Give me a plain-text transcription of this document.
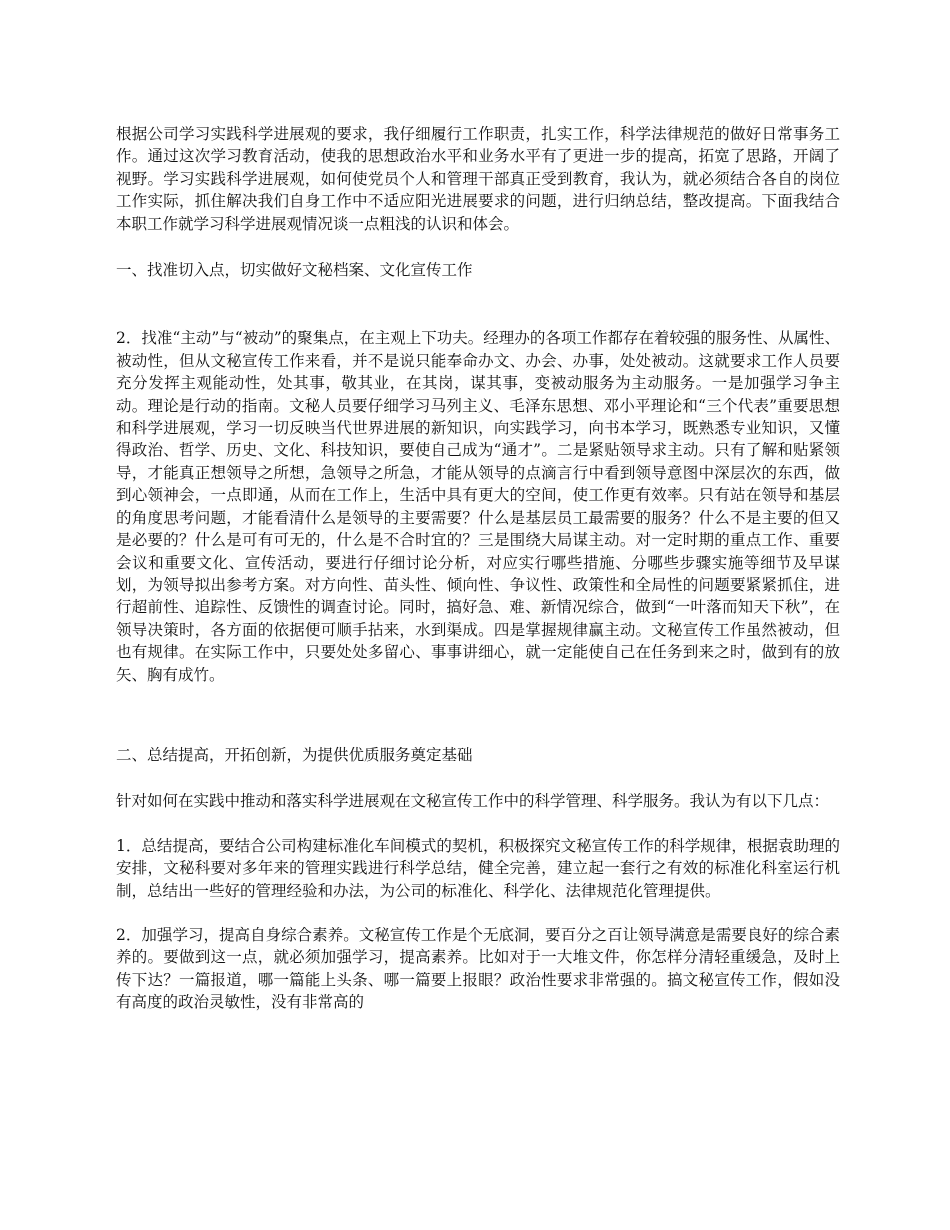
根据公司学习实践科学进展观的要求，我仔细履行工作职责，扎实工作，科学法律规范的做好日常事务工作。通过这次学习教育活动，使我的思想政治水平和业务水平有了更进一步的提高，拓宽了思路，开阔了视野。学习实践科学进展观，如何使党员个人和管理干部真正受到教育，我认为，就必须结合各自的岗位工作实际，抓住解决我们自身工作中不适应阳光进展要求的问题，进行归纳总结，整改提高。下面我结合本职工作就学习科学进展观情况谈一点粗浅的认识和体会。

一、找准切入点，切实做好文秘档案、文化宣传工作

2．找准“主动”与“被动”的聚集点，在主观上下功夫。经理办的各项工作都存在着较强的服务性、从属性、被动性，但从文秘宣传工作来看，并不是说只能奉命办文、办会、办事，处处被动。这就要求工作人员要充分发挥主观能动性，处其事，敬其业，在其岗，谋其事，变被动服务为主动服务。一是加强学习争主动。理论是行动的指南。文秘人员要仔细学习马列主义、毛泽东思想、邓小平理论和“三个代表”重要思想和科学进展观，学习一切反映当代世界进展的新知识，向实践学习，向书本学习，既熟悉专业知识，又懂得政治、哲学、历史、文化、科技知识，要使自己成为“通才”。二是紧贴领导求主动。只有了解和贴紧领导，才能真正想领导之所想，急领导之所急，才能从领导的点滴言行中看到领导意图中深层次的东西，做到心领神会，一点即通，从而在工作上，生活中具有更大的空间，使工作更有效率。只有站在领导和基层的角度思考问题，才能看清什么是领导的主要需要？什么是基层员工最需要的服务？什么不是主要的但又是必要的？什么是可有可无的，什么是不合时宜的？三是围绕大局谋主动。对一定时期的重点工作、重要会议和重要文化、宣传活动，要进行仔细讨论分析，对应实行哪些措施、分哪些步骤实施等细节及早谋划，为领导拟出参考方案。对方向性、苗头性、倾向性、争议性、政策性和全局性的问题要紧紧抓住，进行超前性、追踪性、反馈性的调查讨论。同时，搞好急、难、新情况综合，做到“一叶落而知天下秋”，在领导决策时，各方面的依据便可顺手拈来，水到渠成。四是掌握规律赢主动。文秘宣传工作虽然被动，但也有规律。在实际工作中，只要处处多留心、事事讲细心，就一定能使自己在任务到来之时，做到有的放矢、胸有成竹。

二、总结提高，开拓创新，为提供优质服务奠定基础

针对如何在实践中推动和落实科学进展观在文秘宣传工作中的科学管理、科学服务。我认为有以下几点：

1．总结提高，要结合公司构建标准化车间模式的契机，积极探究文秘宣传工作的科学规律，根据袁助理的安排，文秘科要对多年来的管理实践进行科学总结，健全完善，建立起一套行之有效的标准化科室运行机制，总结出一些好的管理经验和办法，为公司的标准化、科学化、法律规范化管理提供。

2．加强学习，提高自身综合素养。文秘宣传工作是个无底洞，要百分之百让领导满意是需要良好的综合素养的。要做到这一点，就必须加强学习，提高素养。比如对于一大堆文件，你怎样分清轻重缓急，及时上传下达？一篇报道，哪一篇能上头条、哪一篇要上报眼？政治性要求非常强的。搞文秘宣传工作，假如没有高度的政治灵敏性，没有非常高的
